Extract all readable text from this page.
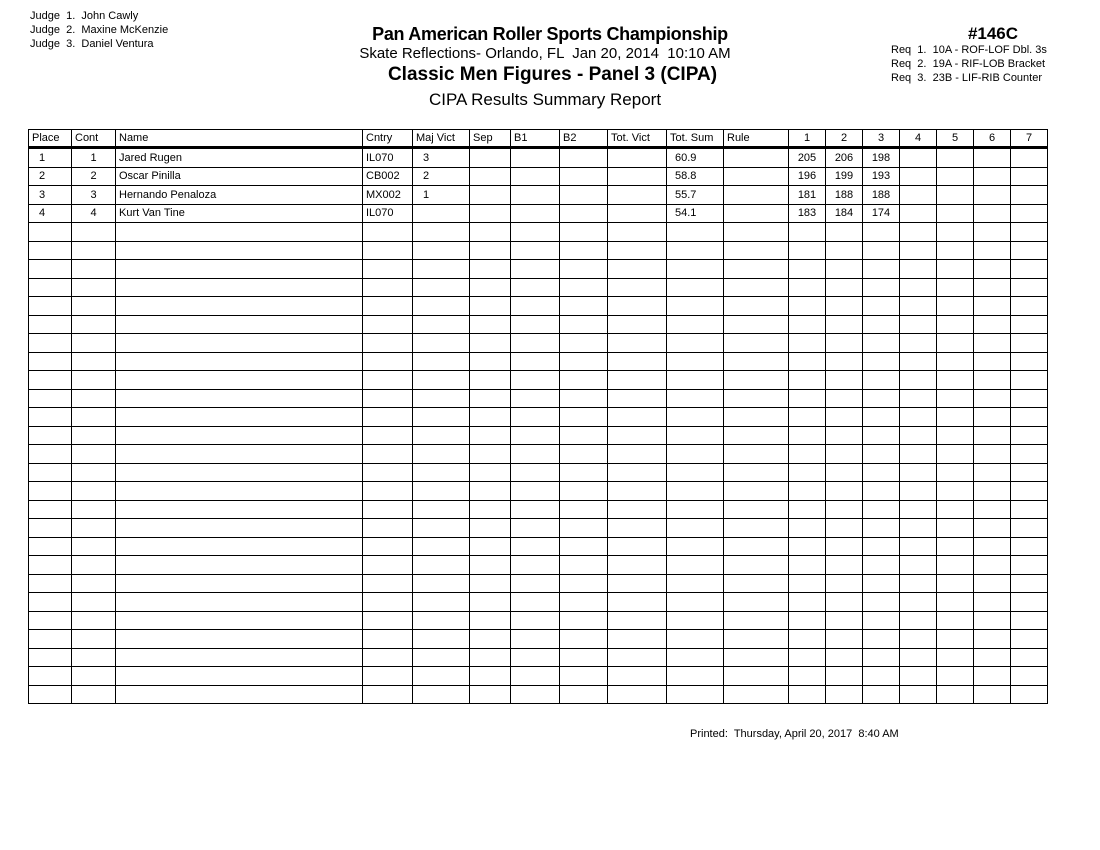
Judge  1.  John Cawly
Judge  2.  Maxine McKenzie
Judge  3.  Daniel Ventura	Pan American Roller Sports Championship
Skate Reflections- Orlando, FL  Jan 20, 2014  10:10 AM
Classic Men Figures - Panel 3 (CIPA)
CIPA Results Summary Report
#146C
Req  1.  10A - ROF-LOF Dbl. 3s
Req  2.  19A - RIF-LOB Bracket
Req  3.  23B - LIF-RIB Counter
Place	Cont	Name	Cntry	Maj Vict	Sep	B1	B2	Tot. Vict	Tot. Sum	Rule	1	2	3	4	5	6	7
1	1	Jared Rugen	IL070	3					60.9		205	206	198				
2	2	Oscar Pinilla	CB002	2					58.8		196	199	193				
3	3	Hernando Penaloza	MX002	1					55.7		181	188	188				
4	4	Kurt Van Tine	IL070						54.1		183	184	174				

Printed:  Thursday, April 20, 2017  8:40 AM
